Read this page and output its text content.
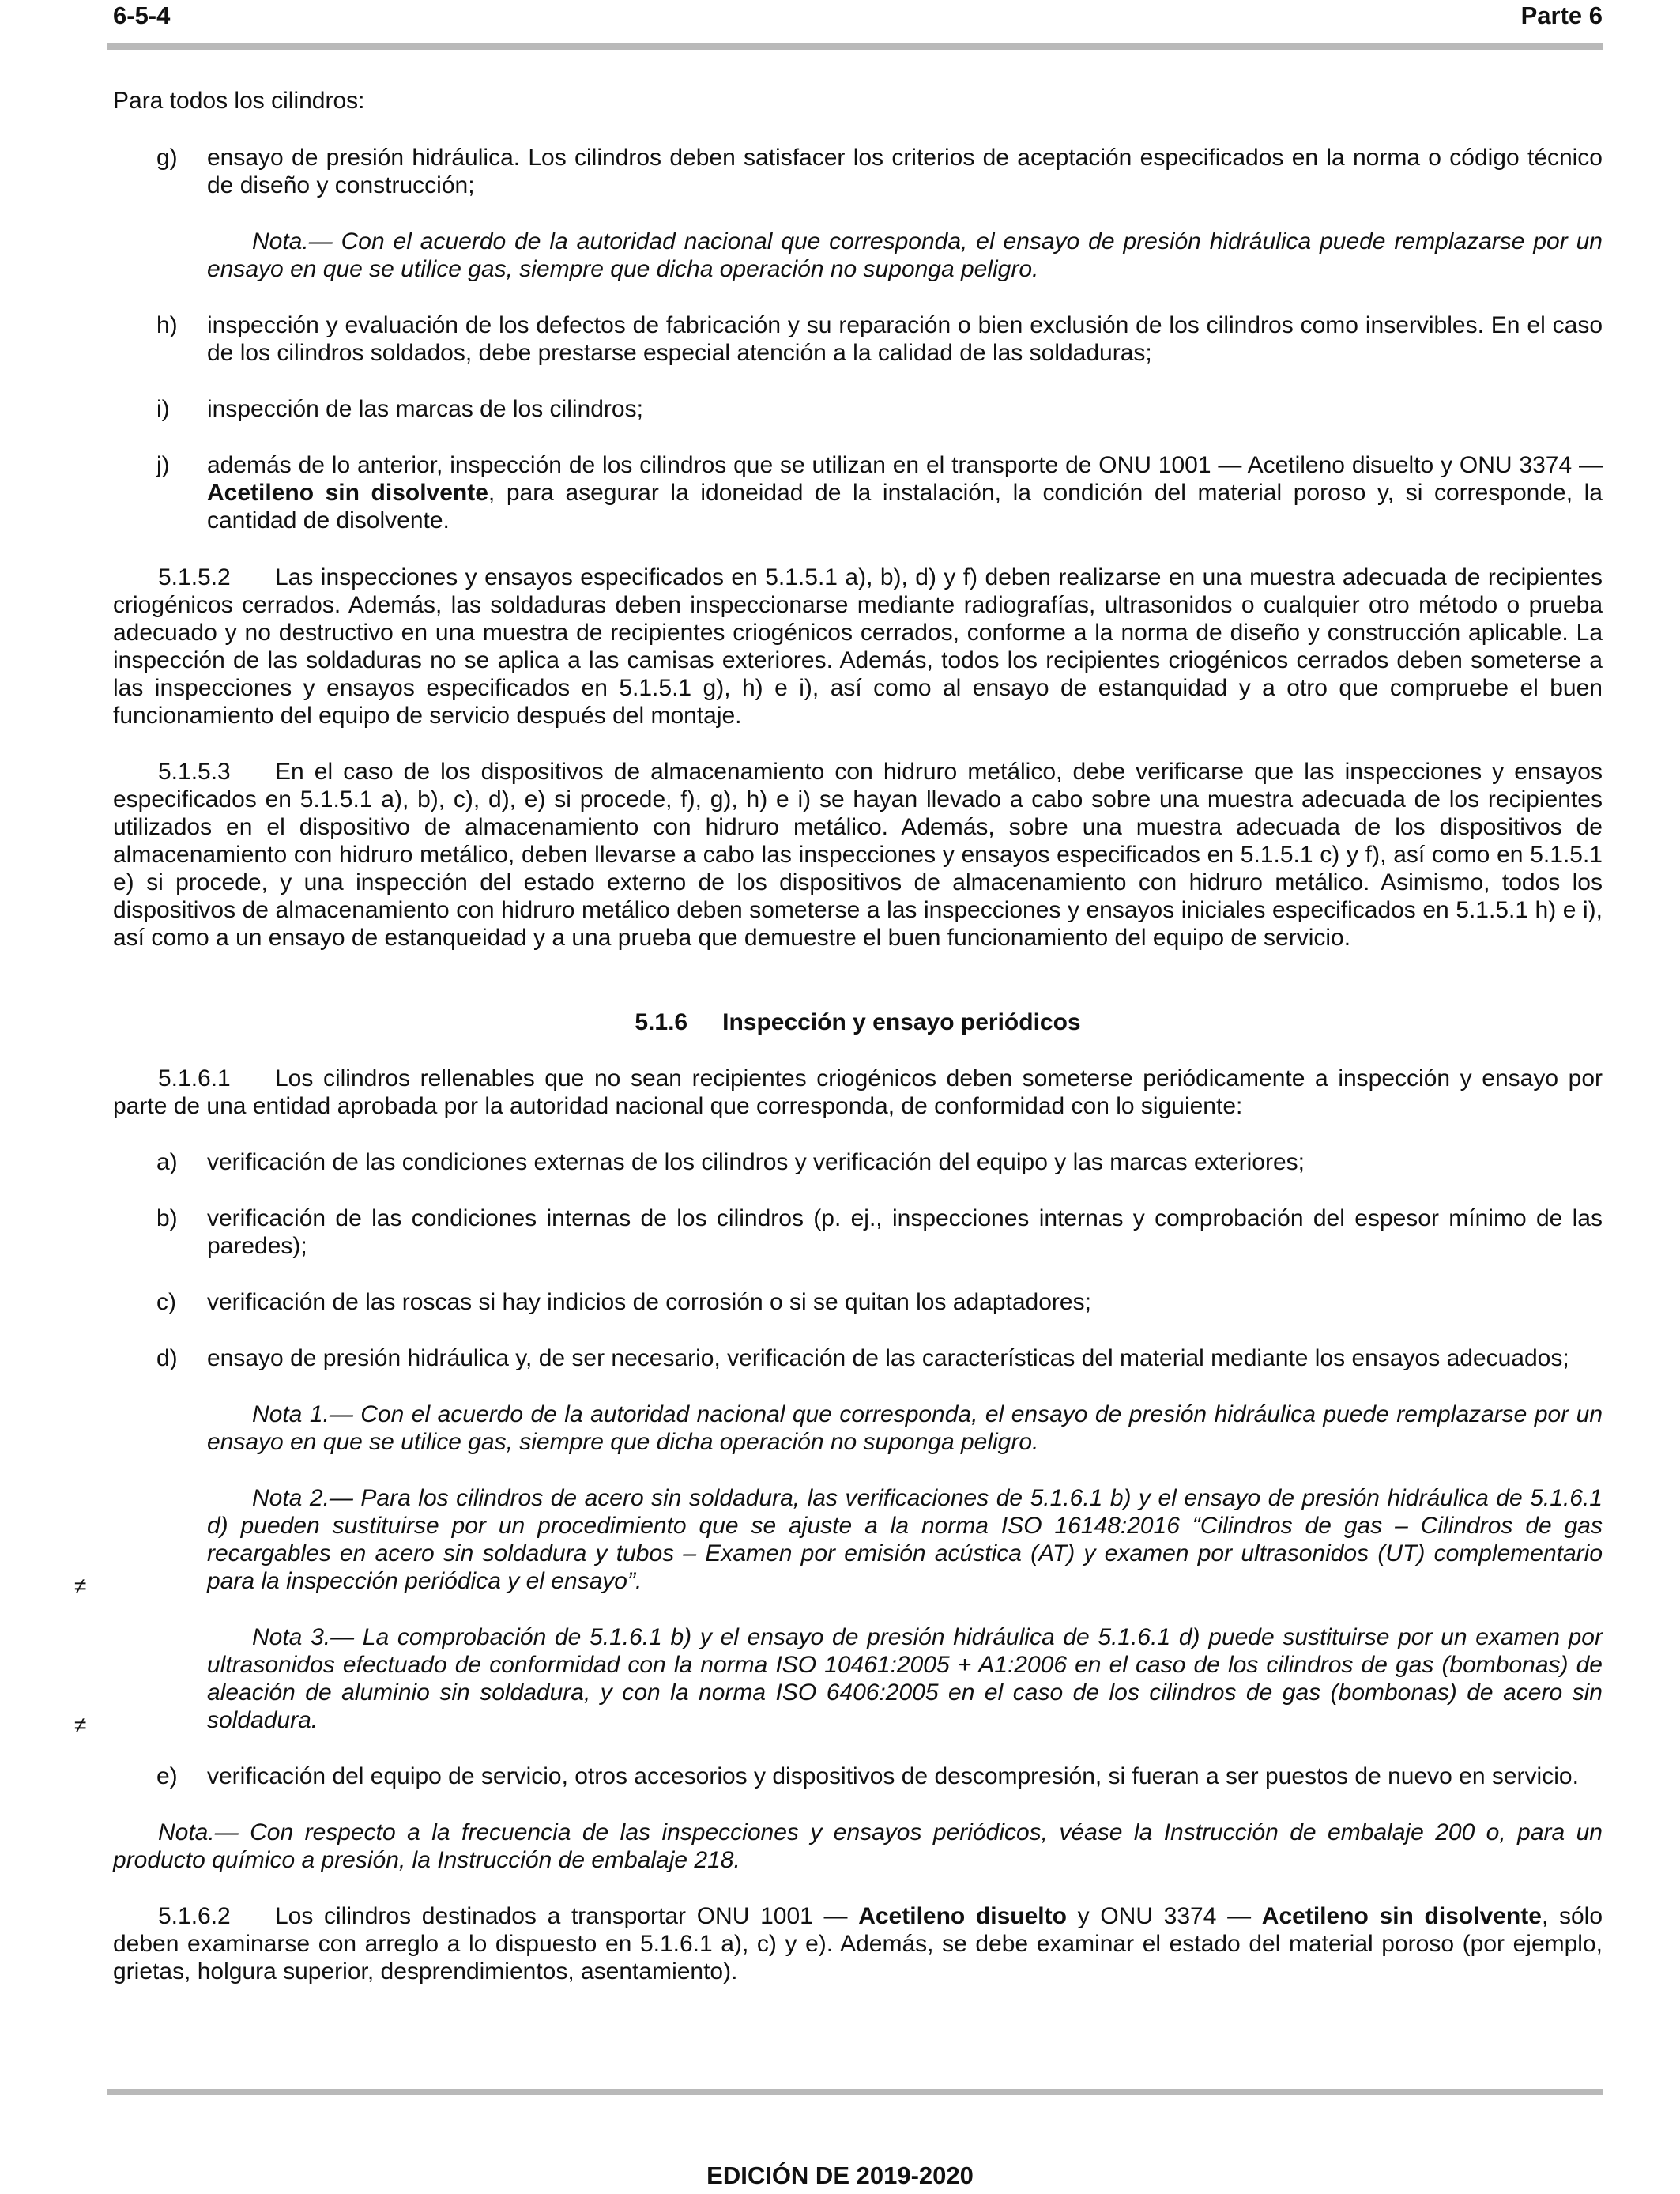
6-5-4	Parte 6
≠
≠

Para todos los cilindros:

g)	ensayo de presión hidráulica. Los cilindros deben satisfacer los criterios de aceptación especificados en la norma o código técnico de diseño y construcción;

Nota.— Con el acuerdo de la autoridad nacional que corresponda, el ensayo de presión hidráulica puede remplazarse por un ensayo en que se utilice gas, siempre que dicha operación no suponga peligro.

h)	inspección y evaluación de los defectos de fabricación y su reparación o bien exclusión de los cilindros como inservibles. En el caso de los cilindros soldados, debe prestarse especial atención a la calidad de las soldaduras;
i)	inspección de las marcas de los cilindros;
j)	además de lo anterior, inspección de los cilindros que se utilizan en el transporte de ONU 1001 — Acetileno disuelto y ONU 3374 — Acetileno sin disolvente, para asegurar la idoneidad de la instalación, la condición del material poroso y, si corresponde, la cantidad de disolvente.

5.1.5.2 Las inspecciones y ensayos especificados en 5.1.5.1 a), b), d) y f) deben realizarse en una muestra adecuada de recipientes criogénicos cerrados. Además, las soldaduras deben inspeccionarse mediante radiografías, ultrasonidos o cualquier otro método o prueba adecuado y no destructivo en una muestra de recipientes criogénicos cerrados, conforme a la norma de diseño y construcción aplicable. La inspección de las soldaduras no se aplica a las camisas exteriores. Además, todos los recipientes criogénicos cerrados deben someterse a las inspecciones y ensayos especificados en 5.1.5.1 g), h) e i), así como al ensayo de estanquidad y a otro que compruebe el buen funcionamiento del equipo de servicio después del montaje.

5.1.5.3 En el caso de los dispositivos de almacenamiento con hidruro metálico, debe verificarse que las inspecciones y ensayos especificados en 5.1.5.1 a), b), c), d), e) si procede, f), g), h) e i) se hayan llevado a cabo sobre una muestra adecuada de los recipientes utilizados en el dispositivo de almacenamiento con hidruro metálico. Además, sobre una muestra adecuada de los dispositivos de almacenamiento con hidruro metálico, deben llevarse a cabo las inspecciones y ensayos especificados en 5.1.5.1 c) y f), así como en 5.1.5.1 e) si procede, y una inspección del estado externo de los dispositivos de almacenamiento con hidruro metálico. Asimismo, todos los dispositivos de almacenamiento con hidruro metálico deben someterse a las inspecciones y ensayos iniciales especificados en 5.1.5.1 h) e i), así como a un ensayo de estanqueidad y a una prueba que demuestre el buen funcionamiento del equipo de servicio.

5.1.6 Inspección y ensayo periódicos

5.1.6.1 Los cilindros rellenables que no sean recipientes criogénicos deben someterse periódicamente a inspección y ensayo por parte de una entidad aprobada por la autoridad nacional que corresponda, de conformidad con lo siguiente:

a)	verificación de las condiciones externas de los cilindros y verificación del equipo y las marcas exteriores;
b)	verificación de las condiciones internas de los cilindros (p. ej., inspecciones internas y comprobación del espesor mínimo de las paredes);
c)	verificación de las roscas si hay indicios de corrosión o si se quitan los adaptadores;
d)	ensayo de presión hidráulica y, de ser necesario, verificación de las características del material mediante los ensayos adecuados;

Nota 1.— Con el acuerdo de la autoridad nacional que corresponda, el ensayo de presión hidráulica puede remplazarse por un ensayo en que se utilice gas, siempre que dicha operación no suponga peligro.

Nota 2.— Para los cilindros de acero sin soldadura, las verificaciones de 5.1.6.1 b) y el ensayo de presión hidráulica de 5.1.6.1 d) pueden sustituirse por un procedimiento que se ajuste a la norma ISO 16148:2016 “Cilindros de gas – Cilindros de gas recargables en acero sin soldadura y tubos – Examen por emisión acústica (AT) y examen por ultrasonidos (UT) complementario para la inspección periódica y el ensayo”.

Nota 3.— La comprobación de 5.1.6.1 b) y el ensayo de presión hidráulica de 5.1.6.1 d) puede sustituirse por un examen por ultrasonidos efectuado de conformidad con la norma ISO 10461:2005 + A1:2006 en el caso de los cilindros de gas (bombonas) de aleación de aluminio sin soldadura, y con la norma ISO 6406:2005 en el caso de los cilindros de gas (bombonas) de acero sin soldadura.

e)	verificación del equipo de servicio, otros accesorios y dispositivos de descompresión, si fueran a ser puestos de nuevo en servicio.

Nota.— Con respecto a la frecuencia de las inspecciones y ensayos periódicos, véase la Instrucción de embalaje 200 o, para un producto químico a presión, la Instrucción de embalaje 218.

5.1.6.2 Los cilindros destinados a transportar ONU 1001 — Acetileno disuelto y ONU 3374 — Acetileno sin disolvente, sólo deben examinarse con arreglo a lo dispuesto en 5.1.6.1 a), c) y e). Además, se debe examinar el estado del material poroso (por ejemplo, grietas, holgura superior, desprendimientos, asentamiento).

EDICIÓN DE 2019-2020
